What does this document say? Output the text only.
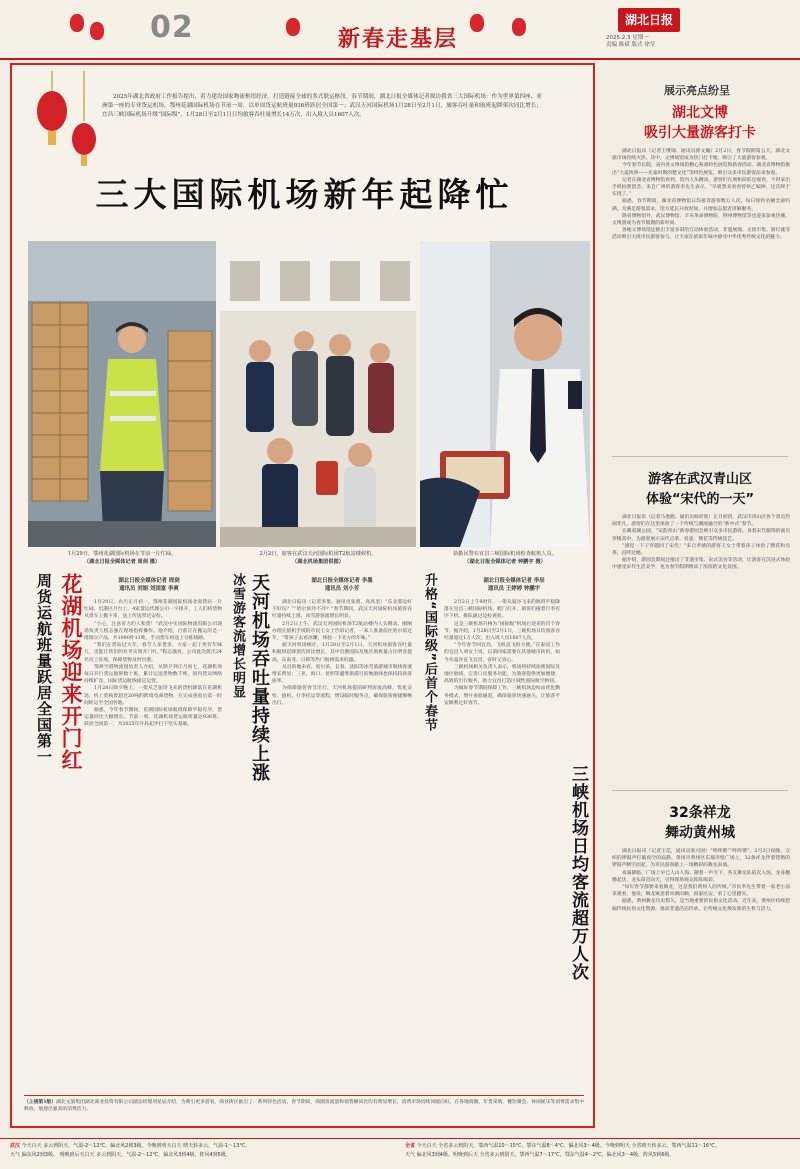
02	新春走基层
湖北日报
2025.2.3 星期一
责编 陈斌 版式 徐莹

2025年湖北省政府工作报告提出，着力建设国家物流枢纽经济。打造链接全球的多式联运枢纽。春节期间，湖北日报全媒体记者探访我省三大国际机场：作为世界第四座、亚洲第一座的专业货运机场，鄂州花湖国际机场在节前一周，以单周货运航班量936班跃居全国第一；武汉天河国际机场1月28日至2月1日，旅客吞吐量和航班起降架次同比增长；宜昌三峡国际机场升级“国际级”，1月28日至2月1日日均旅客吞吐量增长14万次，出入境人员1607人次。

三大国际机场新年起降忙
1月29日，鄂州花湖国际机场在节前一片忙碌。
（湖北日报全媒体记者 周剑 摄）
2月2日，旅客在武汉天河国际机场T2航站楼候机。
（湖北机场集团供图）
执勤民警在宜昌三峡国际机场检查航班人员。
（湖北日报全媒体记者 钟鹏宇 摄）
周货运航班量跃居全国第一 花湖机场迎来开门红	湖北日报全媒体记者 周剑
通讯员 刘娟 刘国富 李爽

1月29日，农历正月初一，鄂州花湖国际机场北面货站一片忙碌。出港区月台上，4家货运代理公司一字排开，工人们将货物从货车上搬下来，送上传送带过安检。

“小心，注意省力的人和货！”武汉中实国际物流有限公司现场负责人程志强在现场指挥操作。他介绍，目前正在搬运的是一批瑞尔产品，共1000件11吨，手动货车将送上分拣线路。

“我们在货站过大年，春节人多货多，大家一起干更有年味儿，也能让我们的业务实现开门红。”程志强说，公司此次派出24名员工驻场，保障货物及时出港。

鄂州空港物流园负责人介绍，从除夕到正月初七，花湖机场每日开行货运航班数十班，累计运送货物数千吨，国内货运网络持续扩容，国际货运航线稳定运营。

1月28日除夕晚上，一架从芝加哥飞来的货机降落在花湖机场，机上装载着超过20吨的跨境电商货物，在完成查验后第一时间转运至全国各地。

据悉，今年春节期间，花湖国际机场航班保障平稳有序，货运量同比大幅增长。节前一周，花湖机场货运航班量达936班，跃居全国第一，为2025年开局起步打下坚实基础。

冰雪游客流增长明显 天河机场吞吐量持续上涨	湖北日报全媒体记者 李墨
通讯员 刘小芳

湖北日报讯（记者李墨、通讯员张蕾、真高奎）“东北那边好不好玩？”“哈尔滨冷不冷？”春节期间，武汉天河国际机场旅客吞吐量持续上涨，冰雪游客流增长明显。

2月2日上午，武汉天河国际机场T2航站楼内人头攒动。刚刚办理完值机手续的市民王女士告诉记者，一家人准备前往哈尔滨过年，“带孩子去看冰雕，体验一下北方的年味。”

据天河机场统计，1月28日至2月1日，天河机场旅客吞吐量和航班起降架次同比增长，其中出港国际及地区航班量占比明显提高，东南亚、日韩等热门航线需求旺盛。

从目的地来看，哈尔滨、长春、沈阳等冰雪旅游城市航线客流增长明显；三亚、海口、昆明等避寒旅游目的地航线也保持较高客座率。

为保障旅客春节出行，天河机场提前研判客流高峰，优化安检、值机、行李托运等流程，增设临时服务点，确保旅客便捷顺畅出行。	升格“国际级”后首个春节	湖北日报全媒体记者 李辰
通讯员 王婷婷 钟鹏宇

2月2日上午9时许，一架从曼谷飞来的航班平稳降落在宜昌三峡国际机场。舱门打开，旅客们拖着行李有序下机，排队通过边检查验。

这是三峡机场升格为“国际级”机场后迎来的首个春节。据介绍，1月28日至2月1日，三峡机场日均旅客吞吐量超过1万人次，出入境人员1607人次。

“今年春节回宜昌，飞机直飞很方便。”在泰国工作的宜昌人刘女士说，以前回家需要在其他城市转机，如今从曼谷直飞宜昌，省时又省心。

三峡机场相关负责人表示，机场将持续加密国际及地区航线，完善口岸服务功能，为旅客提供更加便捷、高效的出行服务，助力宜昌打造区域性国际航空枢纽。

为做好春节期间保障工作，三峡机场边检站优化勤务模式，增开查验通道，确保旅客快速通关，让旅客平安顺利过好春节。

三峡机场日均客流超万人次

（上接第1版）湖北文旅集团湖北商业投资有限公司副总经理刘星辰介绍，为吸引更多游客，商业街区推出了一系列特色活动。春节期间，商圈客流量和销售额同比均有明显增长，消费市场持续回暖向好。在各地商圈，年货采购、餐饮聚会、休闲娱乐等消费需求集中释放，展现出强劲的消费活力。

展示亮点纷呈
湖北文博
吸引大量游客打卡

湖北日报讯（记者王继锦、通讯员郭文瀚）2月2日，春节假期第五天，湖北文旅市场持续火热。其中，文博场馆成为热门打卡地，吸引了大量游客参观。

今年春节长假，省内各文博场馆精心筹备特色展览和新春活动。湖北省博物馆推出“大道泱泱——先秦时期的楚文化”等特色展览，吸引众多市民游客前来参观。

记者在湖北省博物馆看到，馆内人头攒动，游客们在展柜前驻足观看，不时拿出手机拍照留念。来自广州的游客李先生表示，“早就想来看看曾侯乙编钟，这次终于实现了。”

据悉，春节期间，湖北省博物馆日均接待游客数万人次，每日预约名额全部约满。为满足游客需求，馆方延长开放时间，并增加志愿者讲解服务。

除省博物馆外，武汉博物馆、辛亥革命博物院、荆州博物馆等也迎来参观热潮，文博游成为春节假期的新时尚。

各地文博场馆还推出丰富多彩的互动体验活动，非遗展演、文创市集、猜灯谜等活动吸引大批市民游客参与，让大家在浓浓年味中感受中华优秀传统文化的魅力。

游客在武汉青山区
体验“宋代的一天”

湖北日报讯（记者马娄鹤、通讯员杨瑶瑶）正月初四，武汉市青山区各个景点热闹非凡，游客们在这里体验了一个传统与潮流融合的“新中式”春节。

在戴家湖公园，“宋韵青山”新春游园会吸引众多市民游客。身着宋代服饰的演员穿梭其中，为游客展示宋代点茶、投壶、簪花等传统技艺。

“感觉一下子穿越回了宋代！”来自孝感的游客王女士带着孩子体验了簪花和点茶，直呼过瘾。

据介绍，游园会期间还推出了非遗市集、宋式美食等活动，让游客在沉浸式体验中感受宋代生活美学，也为春节假期增添了浓浓的文化氛围。

32条祥龙
舞动黄州城

湖北日报讯（记者王佳，通讯员张兴国）“咚咚锵”“咚咚锵”，2月2日夜晚，交织的锣鼓声打破夜空的寂静。黄冈市黄州区东坡赤壁广场上，32条祥龙伴着铿锵的锣鼓声腾空而起，为市民游客献上一场精彩的舞龙表演。

夜幕降临，广场上早已人山人海。随着一声令下，各支舞龙队依次入场，龙身翻腾起伏，龙头昂首向天，引得现场观众阵阵喝彩。

“每年春节都要来看舞龙，这是我们黄州人的传统。”市民李先生带着一家老小前来观看，他说，舞龙寓意着风调雨顺、国泰民安，看了心里踏实。

据悉，黄州舞龙历史悠久，是当地重要的民俗文化活动。近年来，黄州区持续挖掘传统民俗文化资源，推动非遗活态传承，让传统文化焕发新的生机与活力。

武汉 今天白天 多云到阴天，气温-2～12℃，偏北风2到3级。今晚到明天白天 晴天转多云，气温-1～13℃。
天气 偏东风2到3级。 明晚到后天白天 多云到阴天，气温-2～12℃，偏北风3到4级，阵风4到5级。
全省 今天白天 全省多云到阴天，鄂西气温10～15℃，鄂东气温8～4℃，偏北风3～4级。今晚到明天 全省晴天转多云，鄂西气温11～16℃。
天气 偏北风3到4级。明晚到后天 全省多云到阴天，鄂西气温7～17℃，鄂东气温4～2℃，偏北风3～4级，阵风5到6级。
